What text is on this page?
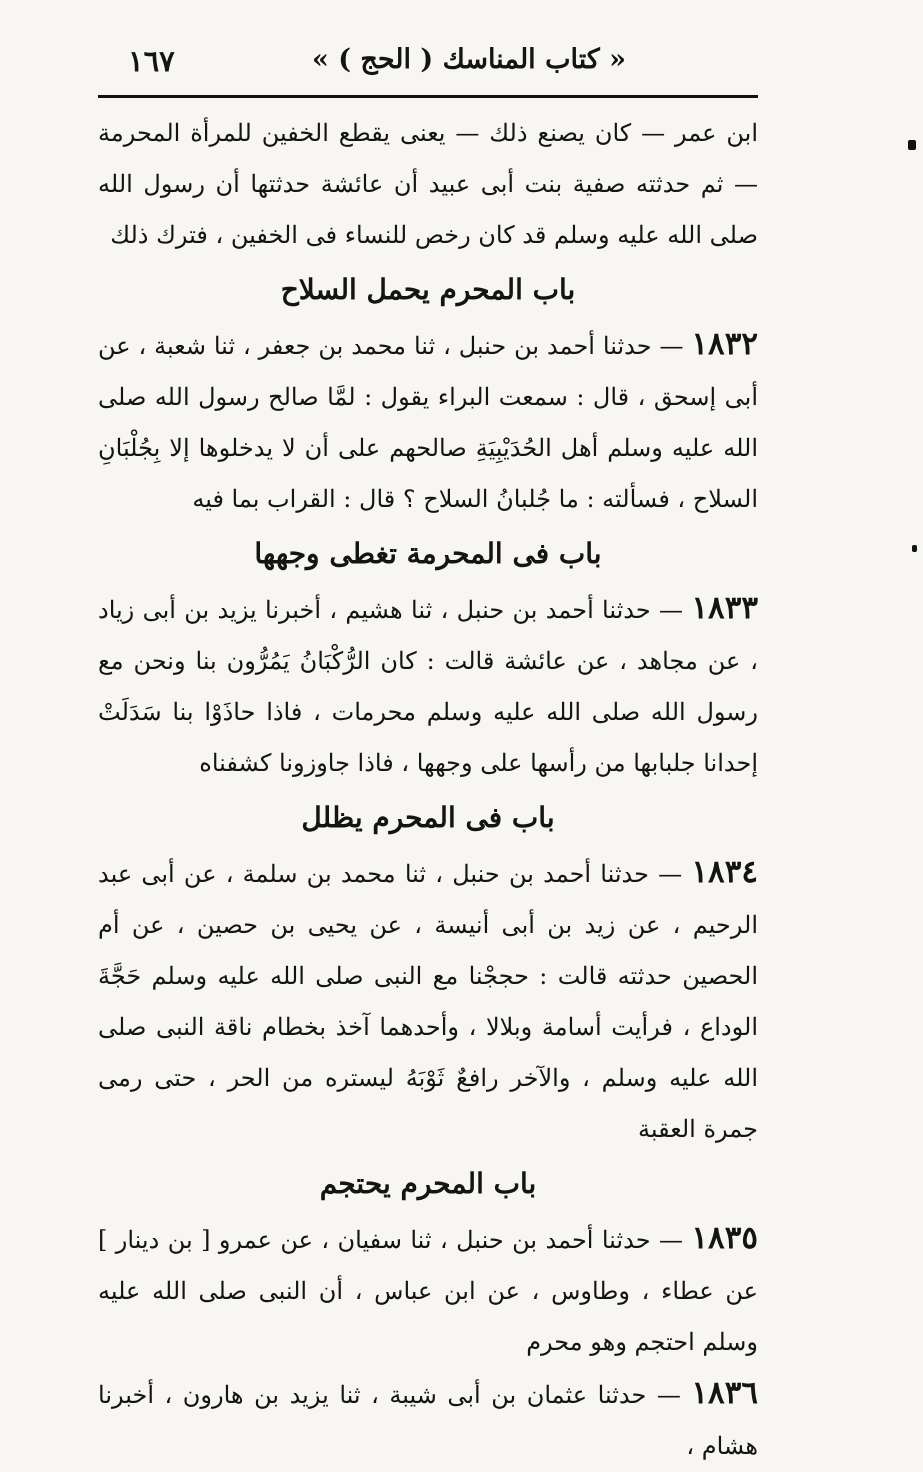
« كتاب المناسك ( الحج ) »
١٦٧

ابن عمر — كان يصنع ذلك — يعنى يقطع الخفين للمرأة المحرمة — ثم حدثته صفية بنت أبى عبيد أن عائشة حدثتها أن رسول الله صلى الله عليه وسلم قد كان رخص للنساء فى الخفين ، فترك ذلك

باب المحرم يحمل السلاح

١٨٣٢ — حدثنا أحمد بن حنبل ، ثنا محمد بن جعفر ، ثنا شعبة ، عن أبى إسحق ، قال : سمعت البراء يقول : لمَّا صالح رسول الله صلى الله عليه وسلم أهل الحُدَيْبِيَةِ صالحهم على أن لا يدخلوها إلا بِجُلْبَانِ السلاح ، فسألته : ما جُلبانُ السلاح ؟ قال : القراب بما فيه

باب فى المحرمة تغطى وجهها

١٨٣٣ — حدثنا أحمد بن حنبل ، ثنا هشيم ، أخبرنا يزيد بن أبى زياد ، عن مجاهد ، عن عائشة قالت : كان الرُّكْبَانُ يَمُرُّون بنا ونحن مع رسول الله صلى الله عليه وسلم محرمات ، فاذا حاذَوْا بنا سَدَلَتْ إحدانا جلبابها من رأسها على وجهها ، فاذا جاوزونا كشفناه

باب فى المحرم يظلل

١٨٣٤ — حدثنا أحمد بن حنبل ، ثنا محمد بن سلمة ، عن أبى عبد الرحيم ، عن زيد بن أبى أنيسة ، عن يحيى بن حصين ، عن أم الحصين حدثته قالت : حججْنا مع النبى صلى الله عليه وسلم حَجَّةَ الوداع ، فرأيت أسامة وبلالا ، وأحدهما آخذ بخطام ناقة النبى صلى الله عليه وسلم ، والآخر رافعٌ ثَوْبَهُ ليستره من الحر ، حتى رمى جمرة العقبة

باب المحرم يحتجم

١٨٣٥ — حدثنا أحمد بن حنبل ، ثنا سفيان ، عن عمرو [ بن دينار ] عن عطاء ، وطاوس ، عن ابن عباس ، أن النبى صلى الله عليه وسلم احتجم وهو محرم

١٨٣٦ — حدثنا عثمان بن أبى شيبة ، ثنا يزيد بن هارون ، أخبرنا هشام ،
